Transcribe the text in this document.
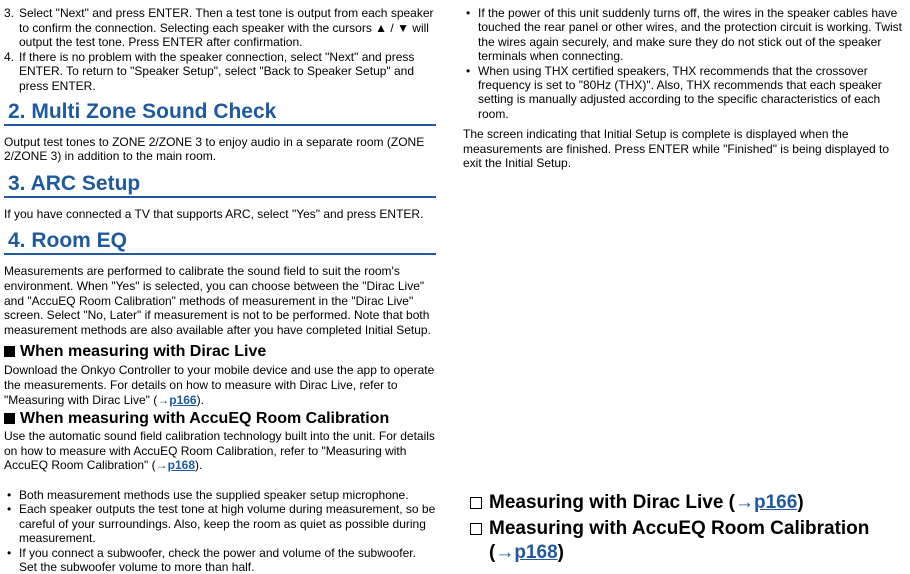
3. Select "Next" and press ENTER. Then a test tone is output from each speaker to confirm the connection. Selecting each speaker with the cursors ▲ / ▼ will output the test tone. Press ENTER after confirmation.
4. If there is no problem with the speaker connection, select "Next" and press ENTER. To return to "Speaker Setup", select "Back to Speaker Setup" and press ENTER.
2. Multi Zone Sound Check

Output test tones to ZONE 2/ZONE 3 to enjoy audio in a separate room (ZONE 2/ZONE 3) in addition to the main room.

3. ARC Setup

If you have connected a TV that supports ARC, select "Yes" and press ENTER.

4. Room EQ

Measurements are performed to calibrate the sound field to suit the room's environment. When "Yes" is selected, you can choose between the "Dirac Live" and "AccuEQ Room Calibration" methods of measurement in the "Dirac Live" screen. Select "No, Later" if measurement is not to be performed. Note that both measurement methods are also available after you have completed Initial Setup.

When measuring with Dirac Live

Download the Onkyo Controller to your mobile device and use the app to operate the measurements. For details on how to measure with Dirac Live, refer to "Measuring with Dirac Live" (→p166).

When measuring with AccuEQ Room Calibration

Use the automatic sound field calibration technology built into the unit. For details on how to measure with AccuEQ Room Calibration, refer to "Measuring with AccuEQ Room Calibration" (→p168).

• Both measurement methods use the supplied speaker setup microphone.
• Each speaker outputs the test tone at high volume during measurement, so be careful of your surroundings. Also, keep the room as quiet as possible during measurement.
• If you connect a subwoofer, check the power and volume of the subwoofer. Set the subwoofer volume to more than half.
• If the power of this unit suddenly turns off, the wires in the speaker cables have touched the rear panel or other wires, and the protection circuit is working. Twist the wires again securely, and make sure they do not stick out of the speaker terminals when connecting.
• When using THX certified speakers, THX recommends that the crossover frequency is set to "80Hz (THX)". Also, THX recommends that each speaker setting is manually adjusted according to the specific characteristics of each room.

The screen indicating that Initial Setup is complete is displayed when the measurements are finished. Press ENTER while "Finished" is being displayed to exit the Initial Setup.

Measuring with Dirac Live (→p166)
Measuring with AccuEQ Room Calibration
(→p168)
